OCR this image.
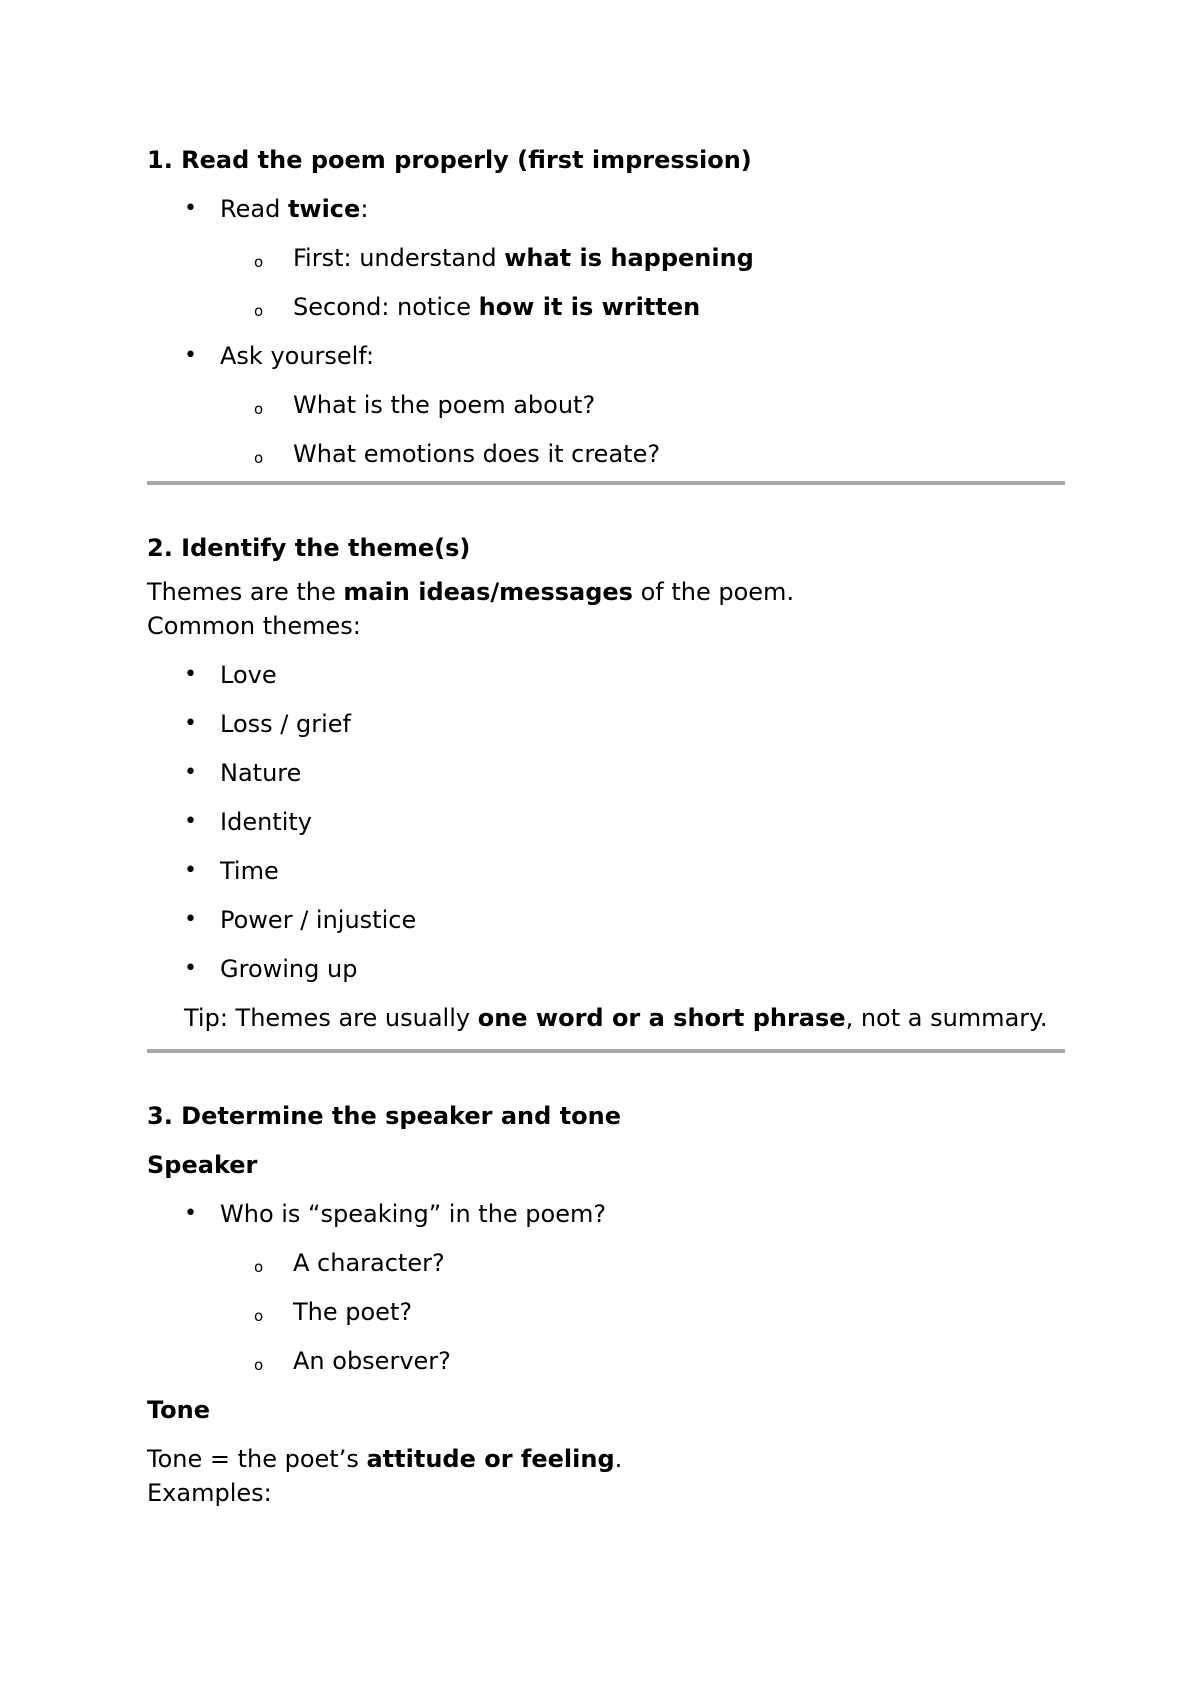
1. Read the poem properly (first impression)
• Read twice:
o First: understand what is happening
o Second: notice how it is written
• Ask yourself:
o What is the poem about?
o What emotions does it create?
2. Identify the theme(s)
Themes are the main ideas/messages of the poem.
Common themes:
• Love
• Loss / grief
• Nature
• Identity
• Time
• Power / injustice
• Growing up
Tip: Themes are usually one word or a short phrase, not a summary.
3. Determine the speaker and tone
Speaker
• Who is “speaking” in the poem?
o A character?
o The poet?
o An observer?
Tone
Tone = the poet’s attitude or feeling.
Examples:
